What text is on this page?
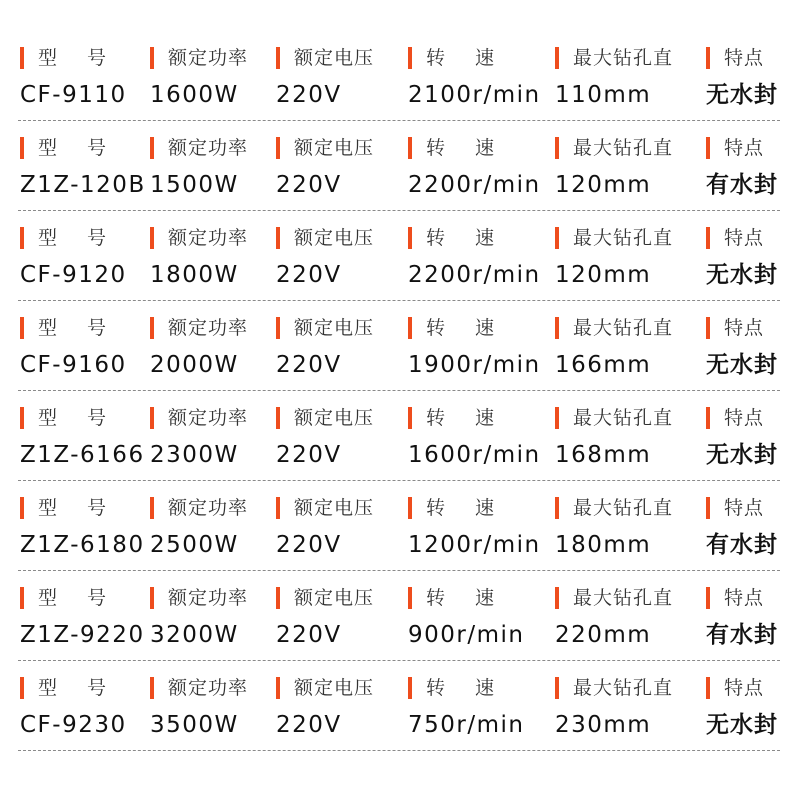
型 号
CF-9110
额定功率
1600W
额定电压
220V
转 速
2100r/min
最大钻孔直
110mm
特点
无水封
型 号
Z1Z-120B
额定功率
1500W
额定电压
220V
转 速
2200r/min
最大钻孔直
120mm
特点
有水封
型 号
CF-9120
额定功率
1800W
额定电压
220V
转 速
2200r/min
最大钻孔直
120mm
特点
无水封
型 号
CF-9160
额定功率
2000W
额定电压
220V
转 速
1900r/min
最大钻孔直
166mm
特点
无水封
型 号
Z1Z-6166
额定功率
2300W
额定电压
220V
转 速
1600r/min
最大钻孔直
168mm
特点
无水封
型 号
Z1Z-6180
额定功率
2500W
额定电压
220V
转 速
1200r/min
最大钻孔直
180mm
特点
有水封
型 号
Z1Z-9220
额定功率
3200W
额定电压
220V
转 速
900r/min
最大钻孔直
220mm
特点
有水封
型 号
CF-9230
额定功率
3500W
额定电压
220V
转 速
750r/min
最大钻孔直
230mm
特点
无水封
